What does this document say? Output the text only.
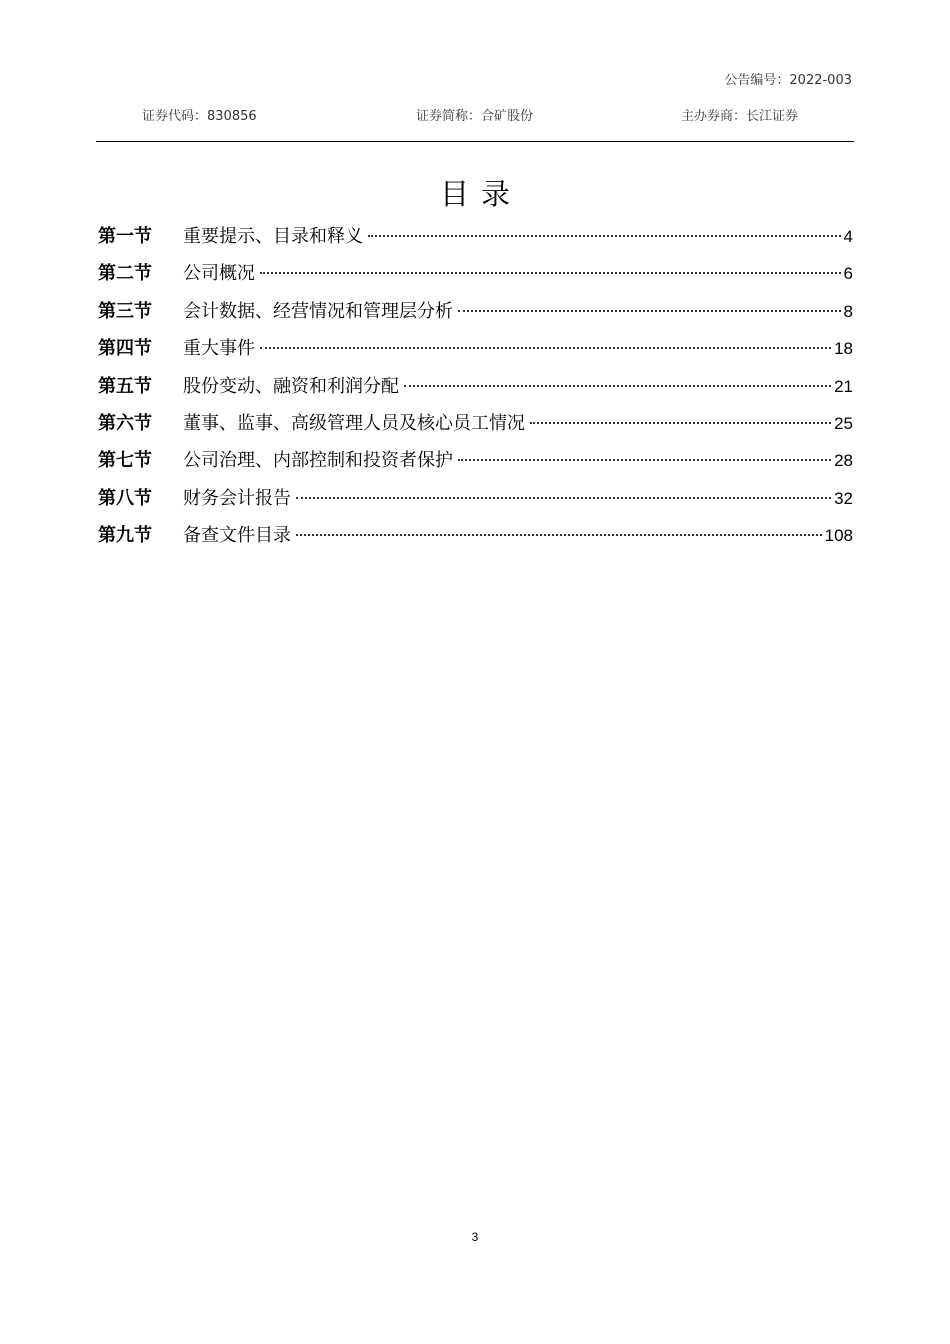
公告编号：2022-003
证券代码：830856	证券简称：合矿股份	主办券商：长江证券
目录
第一节	重要提示、目录和释义	4
第二节	公司概况	6
第三节	会计数据、经营情况和管理层分析	8
第四节	重大事件	18
第五节	股份变动、融资和利润分配	21
第六节	董事、监事、高级管理人员及核心员工情况	25
第七节	公司治理、内部控制和投资者保护	28
第八节	财务会计报告	32
第九节	备查文件目录	108
3
